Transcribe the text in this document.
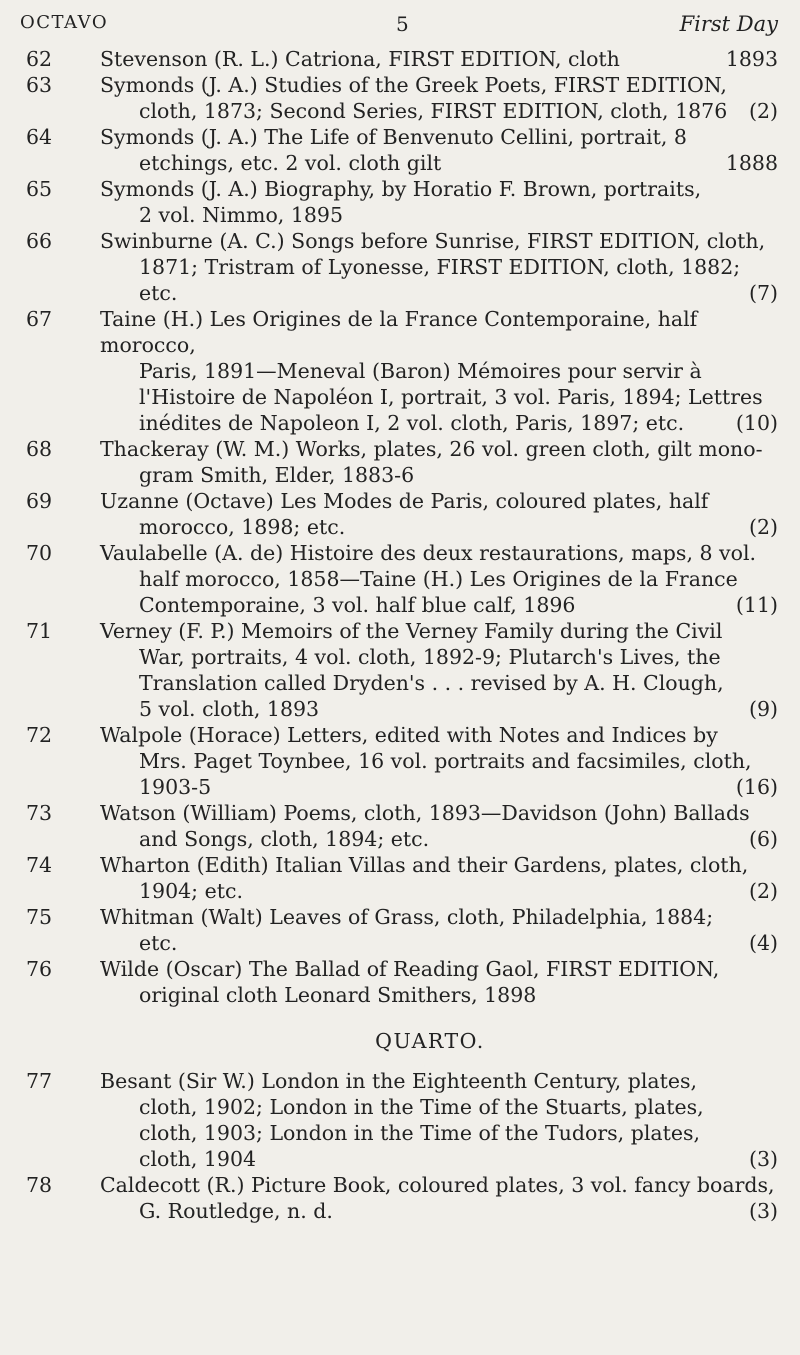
OCTAVO	5	First Day
62 Stevenson (R. L.) Catriona, FIRST EDITION, cloth	1893
63 Symonds (J. A.) Studies of the Greek Poets, FIRST EDITION,
cloth, 1873; Second Series, FIRST EDITION, cloth, 1876 (2)
64 Symonds (J. A.) The Life of Benvenuto Cellini, portrait, 8
etchings, etc. 2 vol. cloth gilt	1888
65 Symonds (J. A.) Biography, by Horatio F. Brown, portraits,
2 vol. Nimmo, 1895
66 Swinburne (A. C.) Songs before Sunrise, FIRST EDITION, cloth,
1871; Tristram of Lyonesse, FIRST EDITION, cloth, 1882;
etc.	(7)
67 Taine (H.) Les Origines de la France Contemporaine, half morocco,
Paris, 1891—Meneval (Baron) Mémoires pour servir à
l'Histoire de Napoléon I, portrait, 3 vol. Paris, 1894; Lettres
inédites de Napoleon I, 2 vol. cloth, Paris, 1897; etc.	(10)
68 Thackeray (W. M.) Works, plates, 26 vol. green cloth, gilt mono-
gram Smith, Elder, 1883-6
69 Uzanne (Octave) Les Modes de Paris, coloured plates, half
morocco, 1898; etc.	(2)
70 Vaulabelle (A. de) Histoire des deux restaurations, maps, 8 vol.
half morocco, 1858—Taine (H.) Les Origines de la France
Contemporaine, 3 vol. half blue calf, 1896	(11)
71 Verney (F. P.) Memoirs of the Verney Family during the Civil
War, portraits, 4 vol. cloth, 1892-9; Plutarch's Lives, the
Translation called Dryden's . . . revised by A. H. Clough,
5 vol. cloth, 1893	(9)
72 Walpole (Horace) Letters, edited with Notes and Indices by
Mrs. Paget Toynbee, 16 vol. portraits and facsimiles, cloth,
1903-5	(16)
73 Watson (William) Poems, cloth, 1893—Davidson (John) Ballads
and Songs, cloth, 1894; etc.	(6)
74 Wharton (Edith) Italian Villas and their Gardens, plates, cloth,
1904; etc.	(2)
75 Whitman (Walt) Leaves of Grass, cloth, Philadelphia, 1884;
etc.	(4)
76 Wilde (Oscar) The Ballad of Reading Gaol, FIRST EDITION,
original cloth Leonard Smithers, 1898
QUARTO.
77 Besant (Sir W.) London in the Eighteenth Century, plates,
cloth, 1902; London in the Time of the Stuarts, plates,
cloth, 1903; London in the Time of the Tudors, plates,
cloth, 1904	(3)
78 Caldecott (R.) Picture Book, coloured plates, 3 vol. fancy boards,
G. Routledge, n. d.	(3)
